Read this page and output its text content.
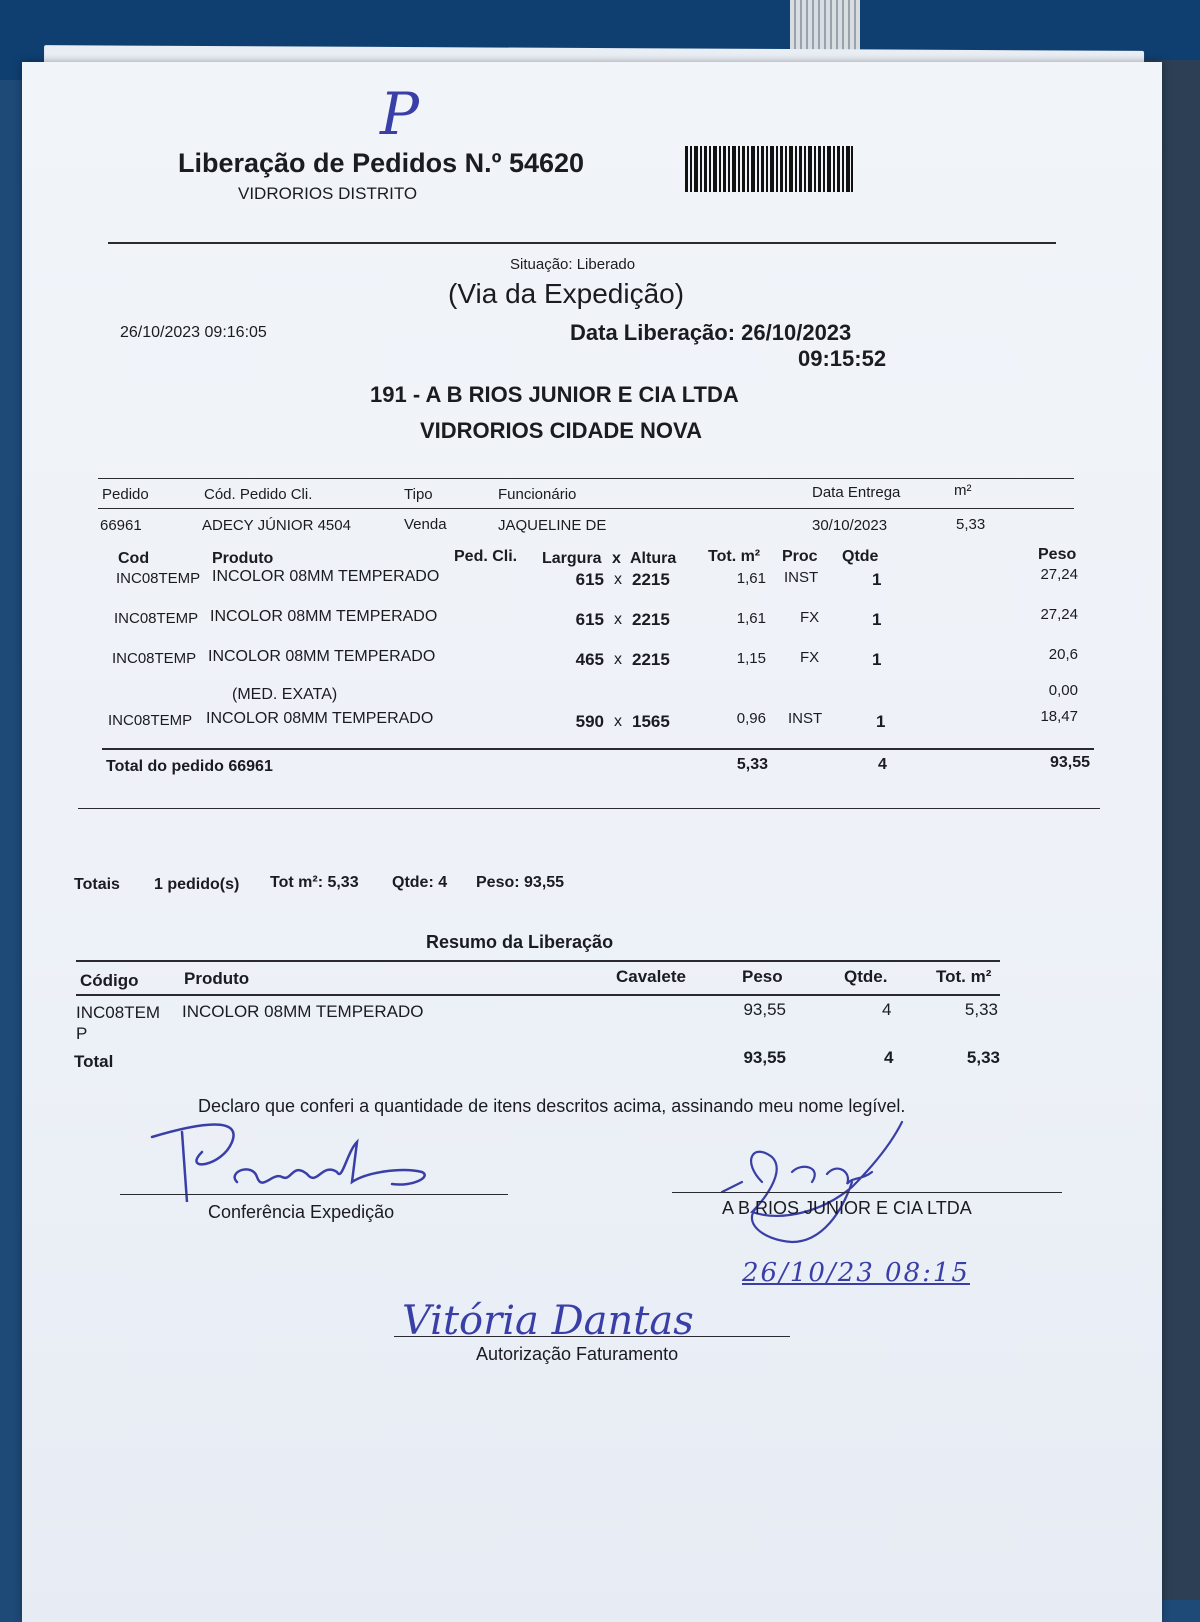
P
Liberação de Pedidos N.º 54620
VIDRORIOS DISTRITO
Situação: Liberado
(Via da Expedição)
26/10/2023 09:16:05	Data Liberação: 26/10/2023
09:15:52
191 - A B RIOS JUNIOR E CIA LTDA
VIDRORIOS CIDADE NOVA
Pedido	Cód. Pedido Cli.	Tipo	Funcionário	Data Entrega	m²
66961	ADECY JÚNIOR 4504	Venda	JAQUELINE DE	30/10/2023	5,33
Cod	Produto	Ped. Cli. Largura x Altura Tot. m² Proc Qtde	Peso
INC08TEMP INCOLOR 08MM TEMPERADO	615 x 2215	1,61 INST	1	27,24
INC08TEMP INCOLOR 08MM TEMPERADO	615 x 2215	1,61 FX	1	27,24
INC08TEMP INCOLOR 08MM TEMPERADO	465 x 2215	1,15 FX	1	20,6
(MED. EXATA)	0,00
INC08TEMP INCOLOR 08MM TEMPERADO	590 x 1565	0,96 INST	1	18,47
Total do pedido 66961	5,33	4	93,55
Totais 1 pedido(s) Tot m²: 5,33 Qtde: 4 Peso: 93,55
Resumo da Liberação
Código	Produto	Cavalete	Peso	Qtde.	Tot. m²
INC08TEMP
INCOLOR 08MM TEMPERADO	93,55	4	5,33
Total	93,55	4	5,33
Declaro que conferi a quantidade de itens descritos acima, assinando meu nome legível.
Conferência Expedição	A B RIOS JUNIOR E CIA LTDA
26/10/23 08:15
Vitória Dantas
Autorização Faturamento
